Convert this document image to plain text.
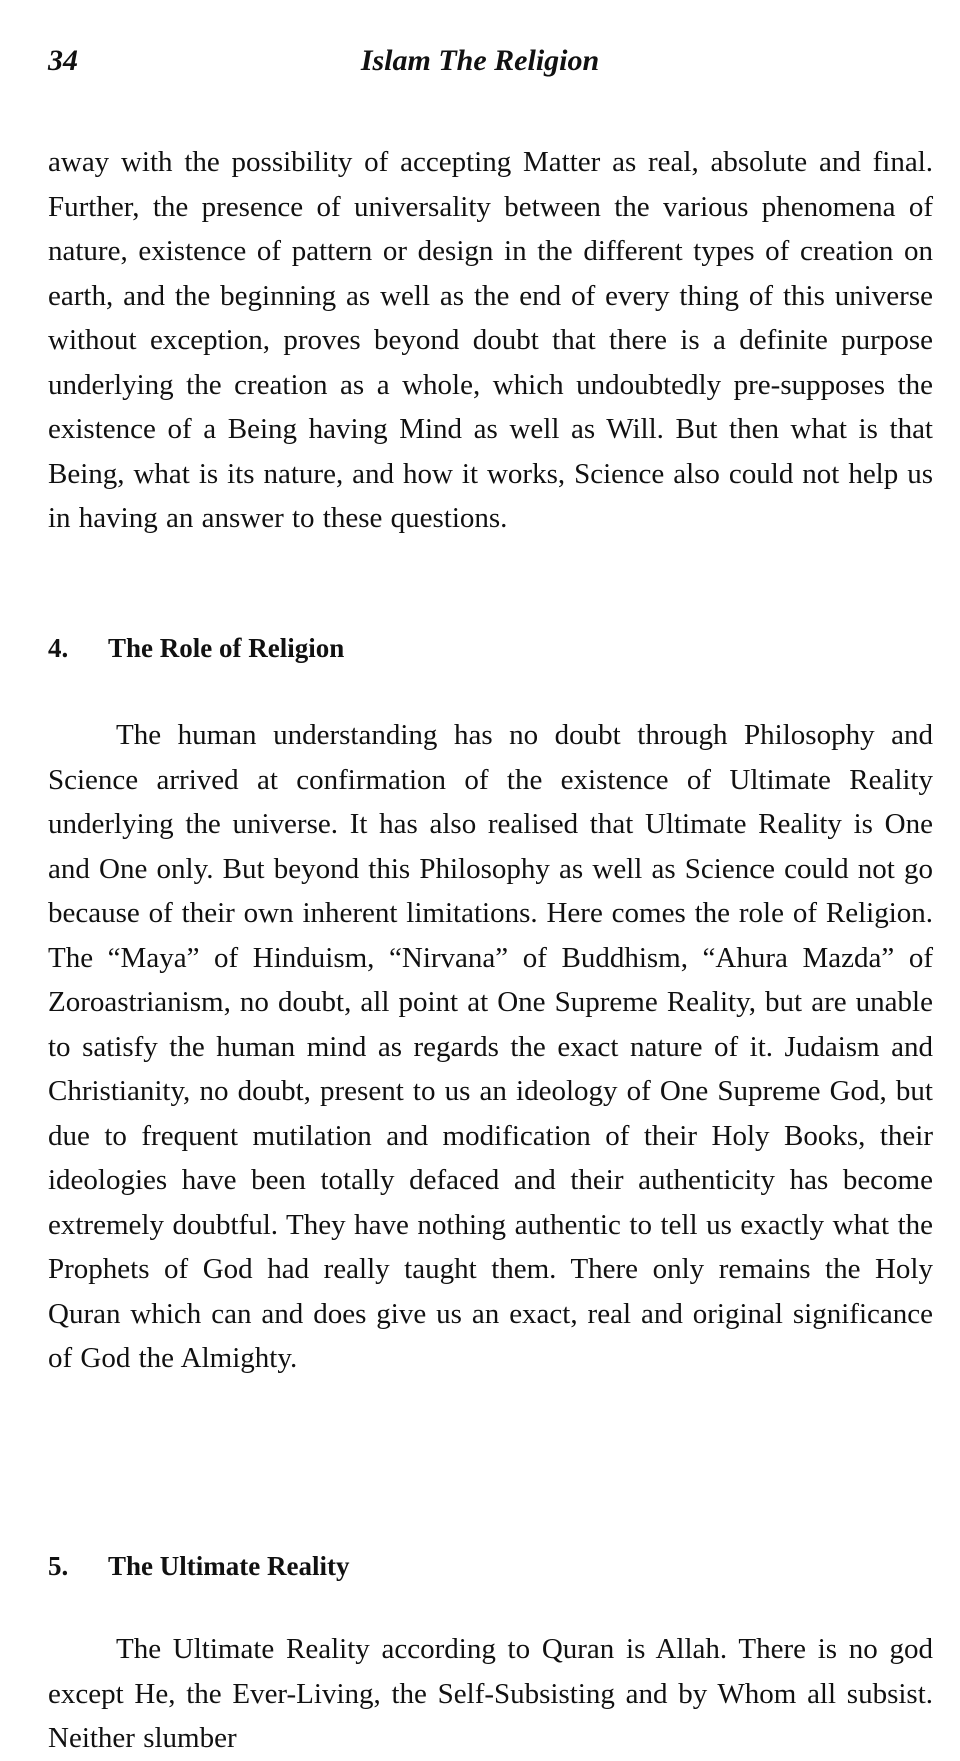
34	Islam The Religion

away with the possibility of accepting Matter as real, absolute and final. Further, the presence of universality between the various phenomena of nature, existence of pattern or design in the different types of creation on earth, and the beginning as well as the end of every thing of this universe without exception, proves beyond doubt that there is a definite purpose underlying the creation as a whole, which undoubtedly pre-supposes the existence of a Being having Mind as well as Will. But then what is that Being, what is its nature, and how it works, Science also could not help us in having an answer to these questions.

4. The Role of Religion

The human understanding has no doubt through Philosophy and Science arrived at confirmation of the existence of Ultimate Reality underlying the universe. It has also realised that Ultimate Reality is One and One only. But beyond this Philosophy as well as Science could not go because of their own inherent limitations. Here comes the role of Religion. The “Maya” of Hinduism, “Nirvana” of Buddhism, “Ahura Mazda” of Zoroastrianism, no doubt, all point at One Supreme Reality, but are unable to satisfy the human mind as regards the exact nature of it. Judaism and Christianity, no doubt, present to us an ideology of One Supreme God, but due to frequent mutilation and modification of their Holy Books, their ideologies have been totally defaced and their authenticity has become extremely doubtful. They have nothing authentic to tell us exactly what the Prophets of God had really taught them. There only remains the Holy Quran which can and does give us an exact, real and original significance of God the Almighty.

5. The Ultimate Reality

The Ultimate Reality according to Quran is Allah. There is no god except He, the Ever-Living, the Self-Subsisting and by Whom all subsist. Neither slumber
